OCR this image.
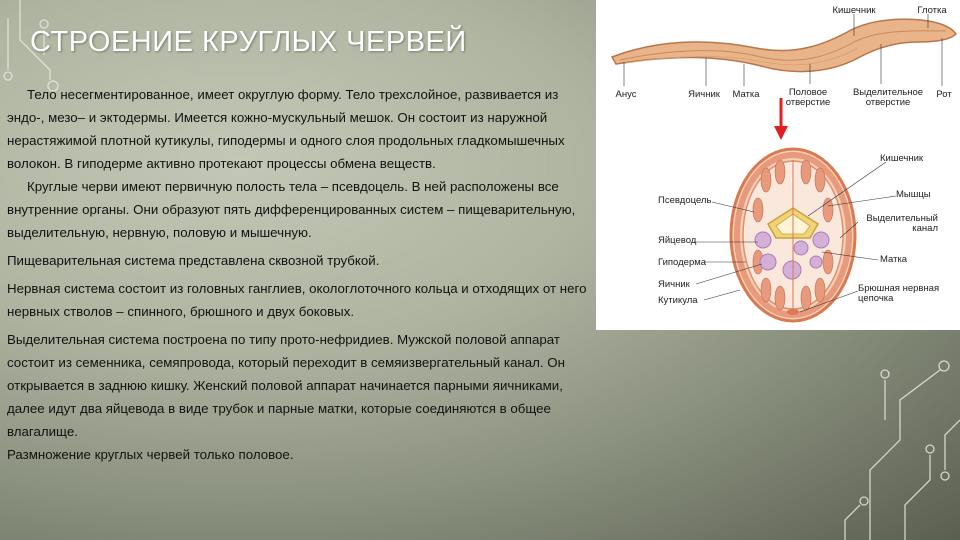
СТРОЕНИЕ КРУГЛЫХ ЧЕРВЕЙ

Тело несегментированное, имеет округлую форму. Тело трехслойное, развивается из эндо-, мезо– и эктодермы. Имеется кожно-мускульный мешок. Он состоит из наружной нерастяжимой плотной кутикулы, гиподермы и одного слоя продольных гладкомышечных волокон. В гиподерме активно протекают процессы обмена веществ.

Круглые черви имеют первичную полость тела – псевдоцель. В ней расположены все внутренние органы. Они образуют пять дифференцированных систем – пищеварительную, выделительную, нервную, половую и мышечную.

Пищеварительная система представлена сквозной трубкой.

Нервная система состоит из головных ганглиев, окологлоточного кольца и отходящих от него нервных стволов – спинного, брюшного и двух боковых.

Выделительная система построена по типу прото-нефридиев. Мужской половой аппарат состоит из семенника, семяпровода, который переходит в семяизвергательный канал. Он открывается в заднюю кишку. Женский половой аппарат начинается парными яичниками, далее идут два яйцевода в виде трубок и парные матки, которые соединяются в общее влагалище.

Размножение круглых червей только половое.

Кишечник	Глотка
Анус	Яичник Матка	Половое отверстие
Выделительное отверстие
Рот
Кишечник
Мышцы
Псевдоцель
Выделительный канал
Яйцевод
Матка
Гиподерма
Яичник	Брюшная нервная цепочка
Кутикула
